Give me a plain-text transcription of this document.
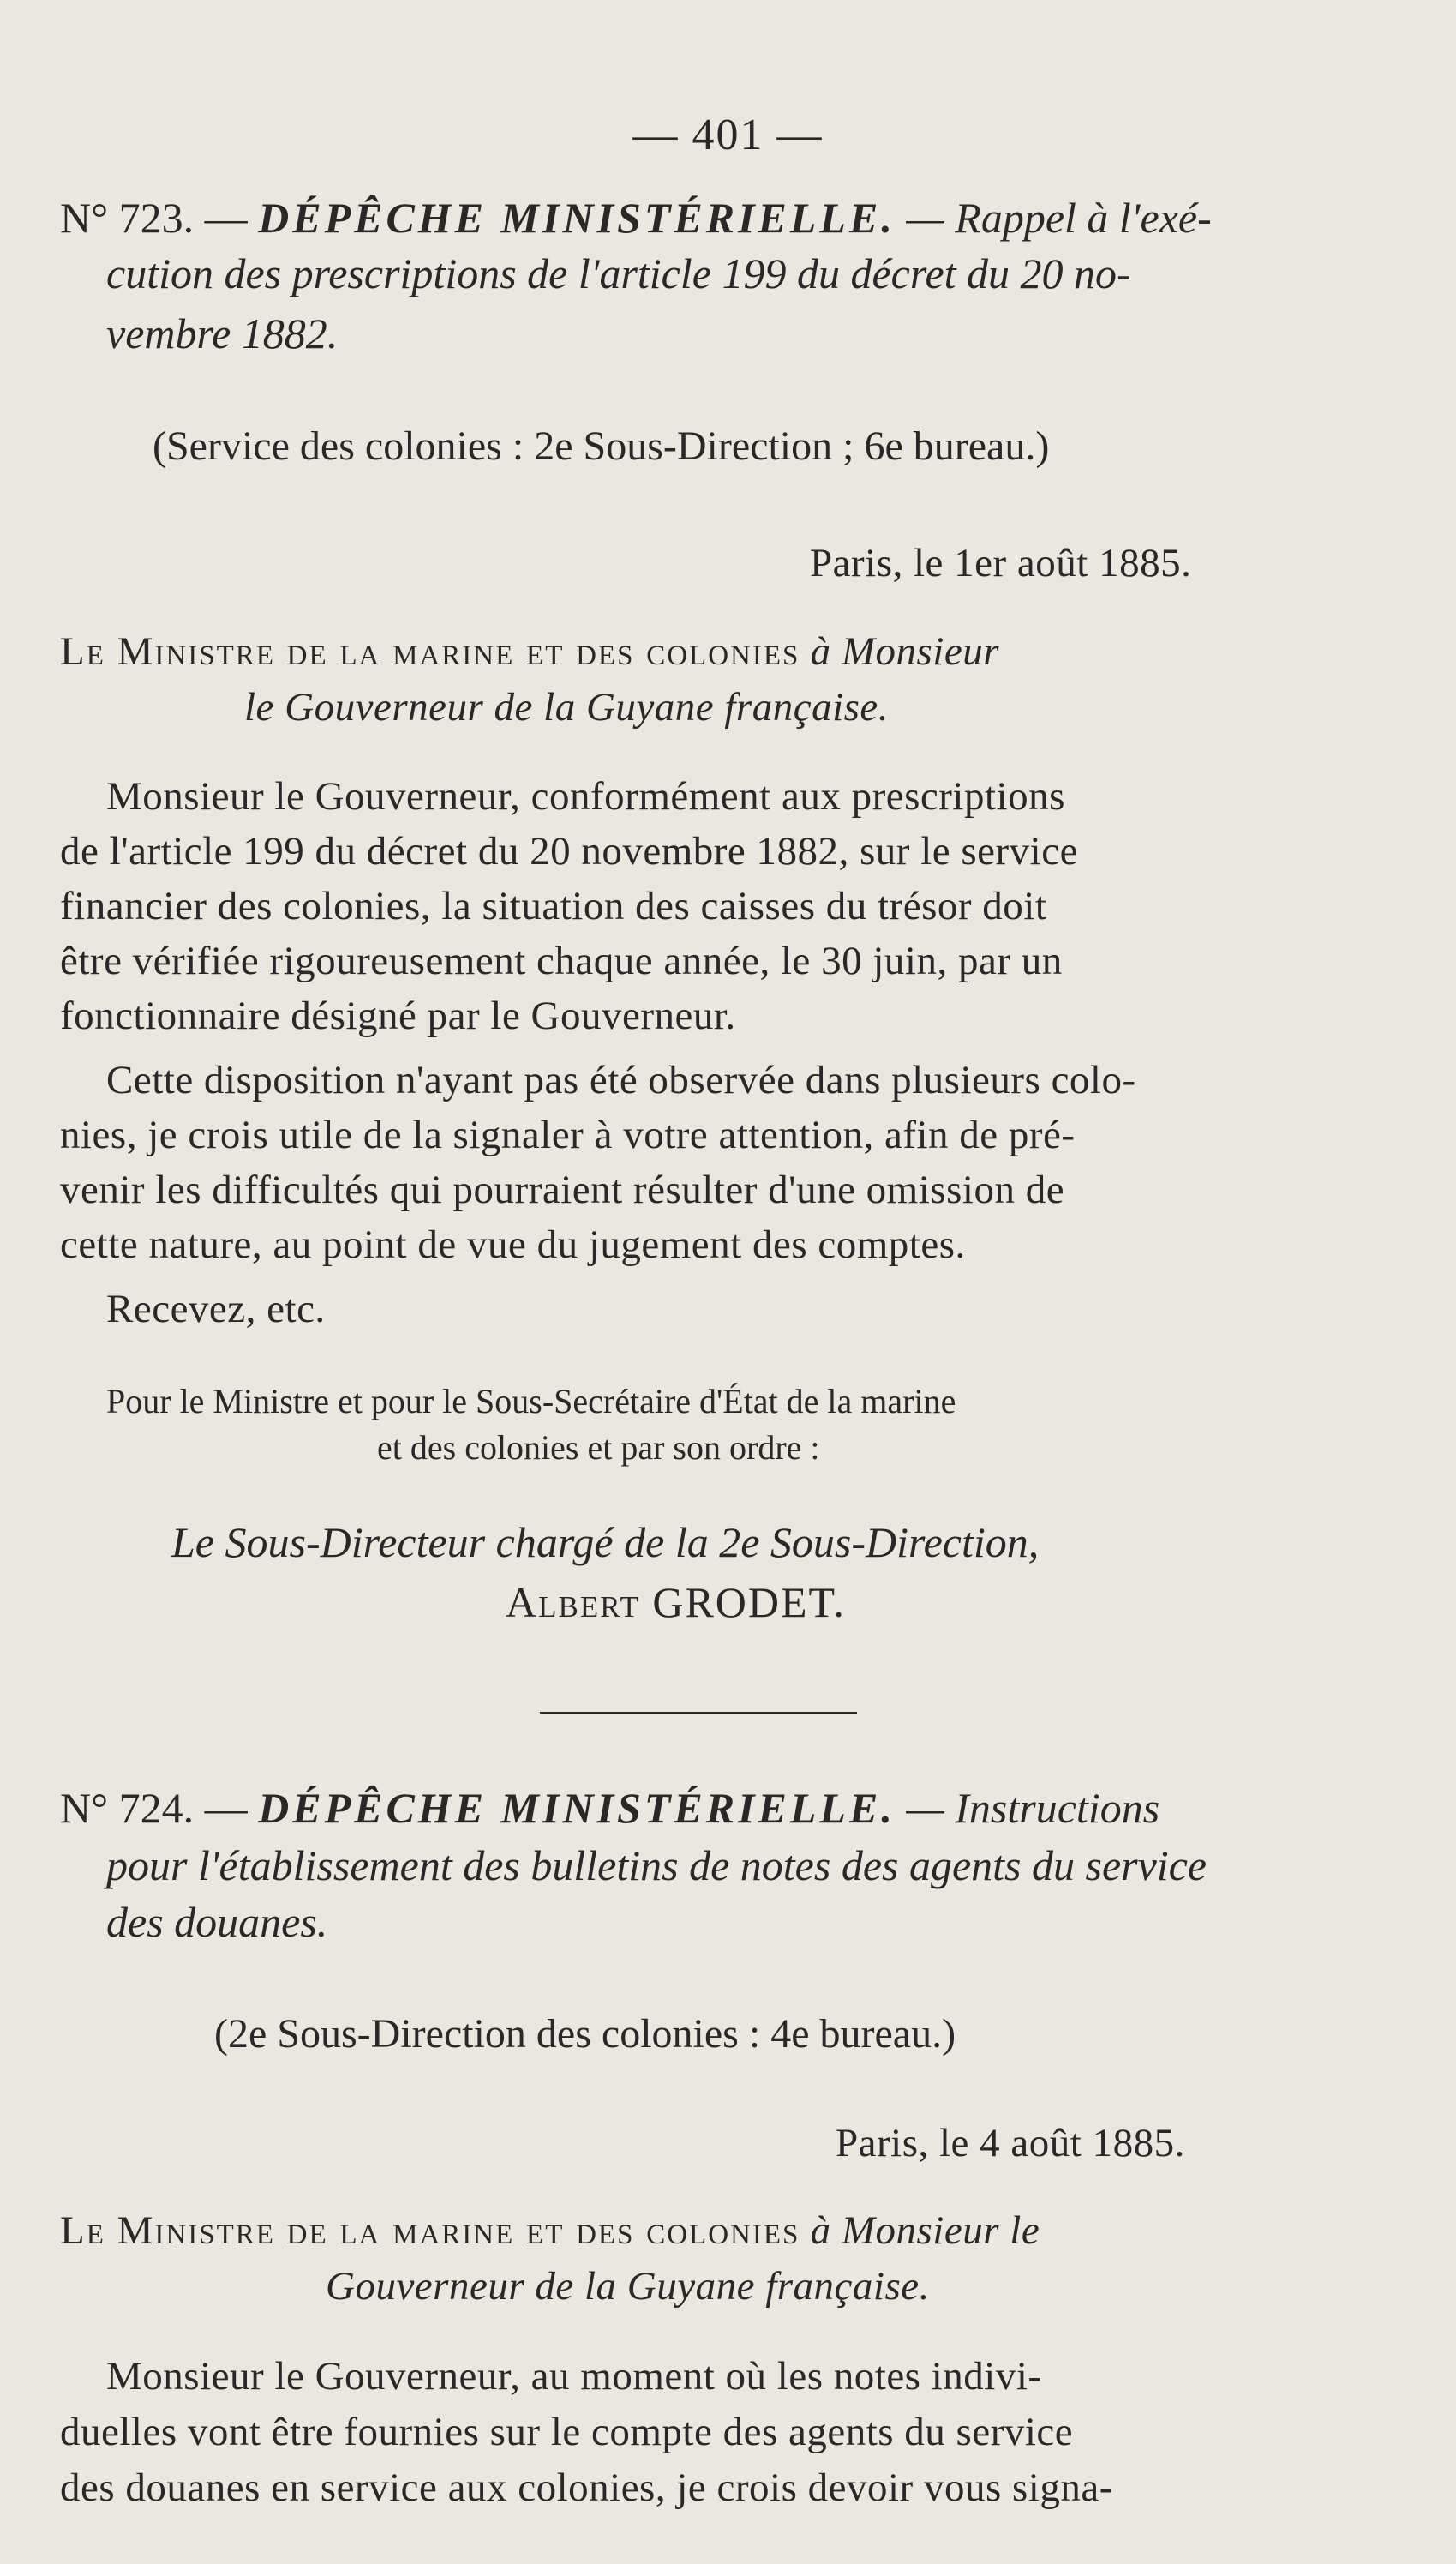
— 401 —
N° 723. — DÉPÊCHE MINISTÉRIELLE. — Rappel à l'exé-
cution des prescriptions de l'article 199 du décret du 20 no-
vembre 1882.
(Service des colonies : 2e Sous-Direction ; 6e bureau.)
Paris, le 1er août 1885.
Le Ministre de la marine et des colonies à Monsieur
le Gouverneur de la Guyane française.
Monsieur le Gouverneur, conformément aux prescriptions
de l'article 199 du décret du 20 novembre 1882, sur le service
financier des colonies, la situation des caisses du trésor doit
être vérifiée rigoureusement chaque année, le 30 juin, par un
fonctionnaire désigné par le Gouverneur.
Cette disposition n'ayant pas été observée dans plusieurs colo-
nies, je crois utile de la signaler à votre attention, afin de pré-
venir les difficultés qui pourraient résulter d'une omission de
cette nature, au point de vue du jugement des comptes.
Recevez, etc.
Pour le Ministre et pour le Sous-Secrétaire d'État de la marine
et des colonies et par son ordre :
Le Sous-Directeur chargé de la 2e Sous-Direction,
Albert GRODET.
N° 724. — DÉPÊCHE MINISTÉRIELLE. — Instructions
pour l'établissement des bulletins de notes des agents du service
des douanes.
(2e Sous-Direction des colonies : 4e bureau.)
Paris, le 4 août 1885.
Le Ministre de la marine et des colonies à Monsieur le
Gouverneur de la Guyane française.
Monsieur le Gouverneur, au moment où les notes indivi-
duelles vont être fournies sur le compte des agents du service
des douanes en service aux colonies, je crois devoir vous signa-
